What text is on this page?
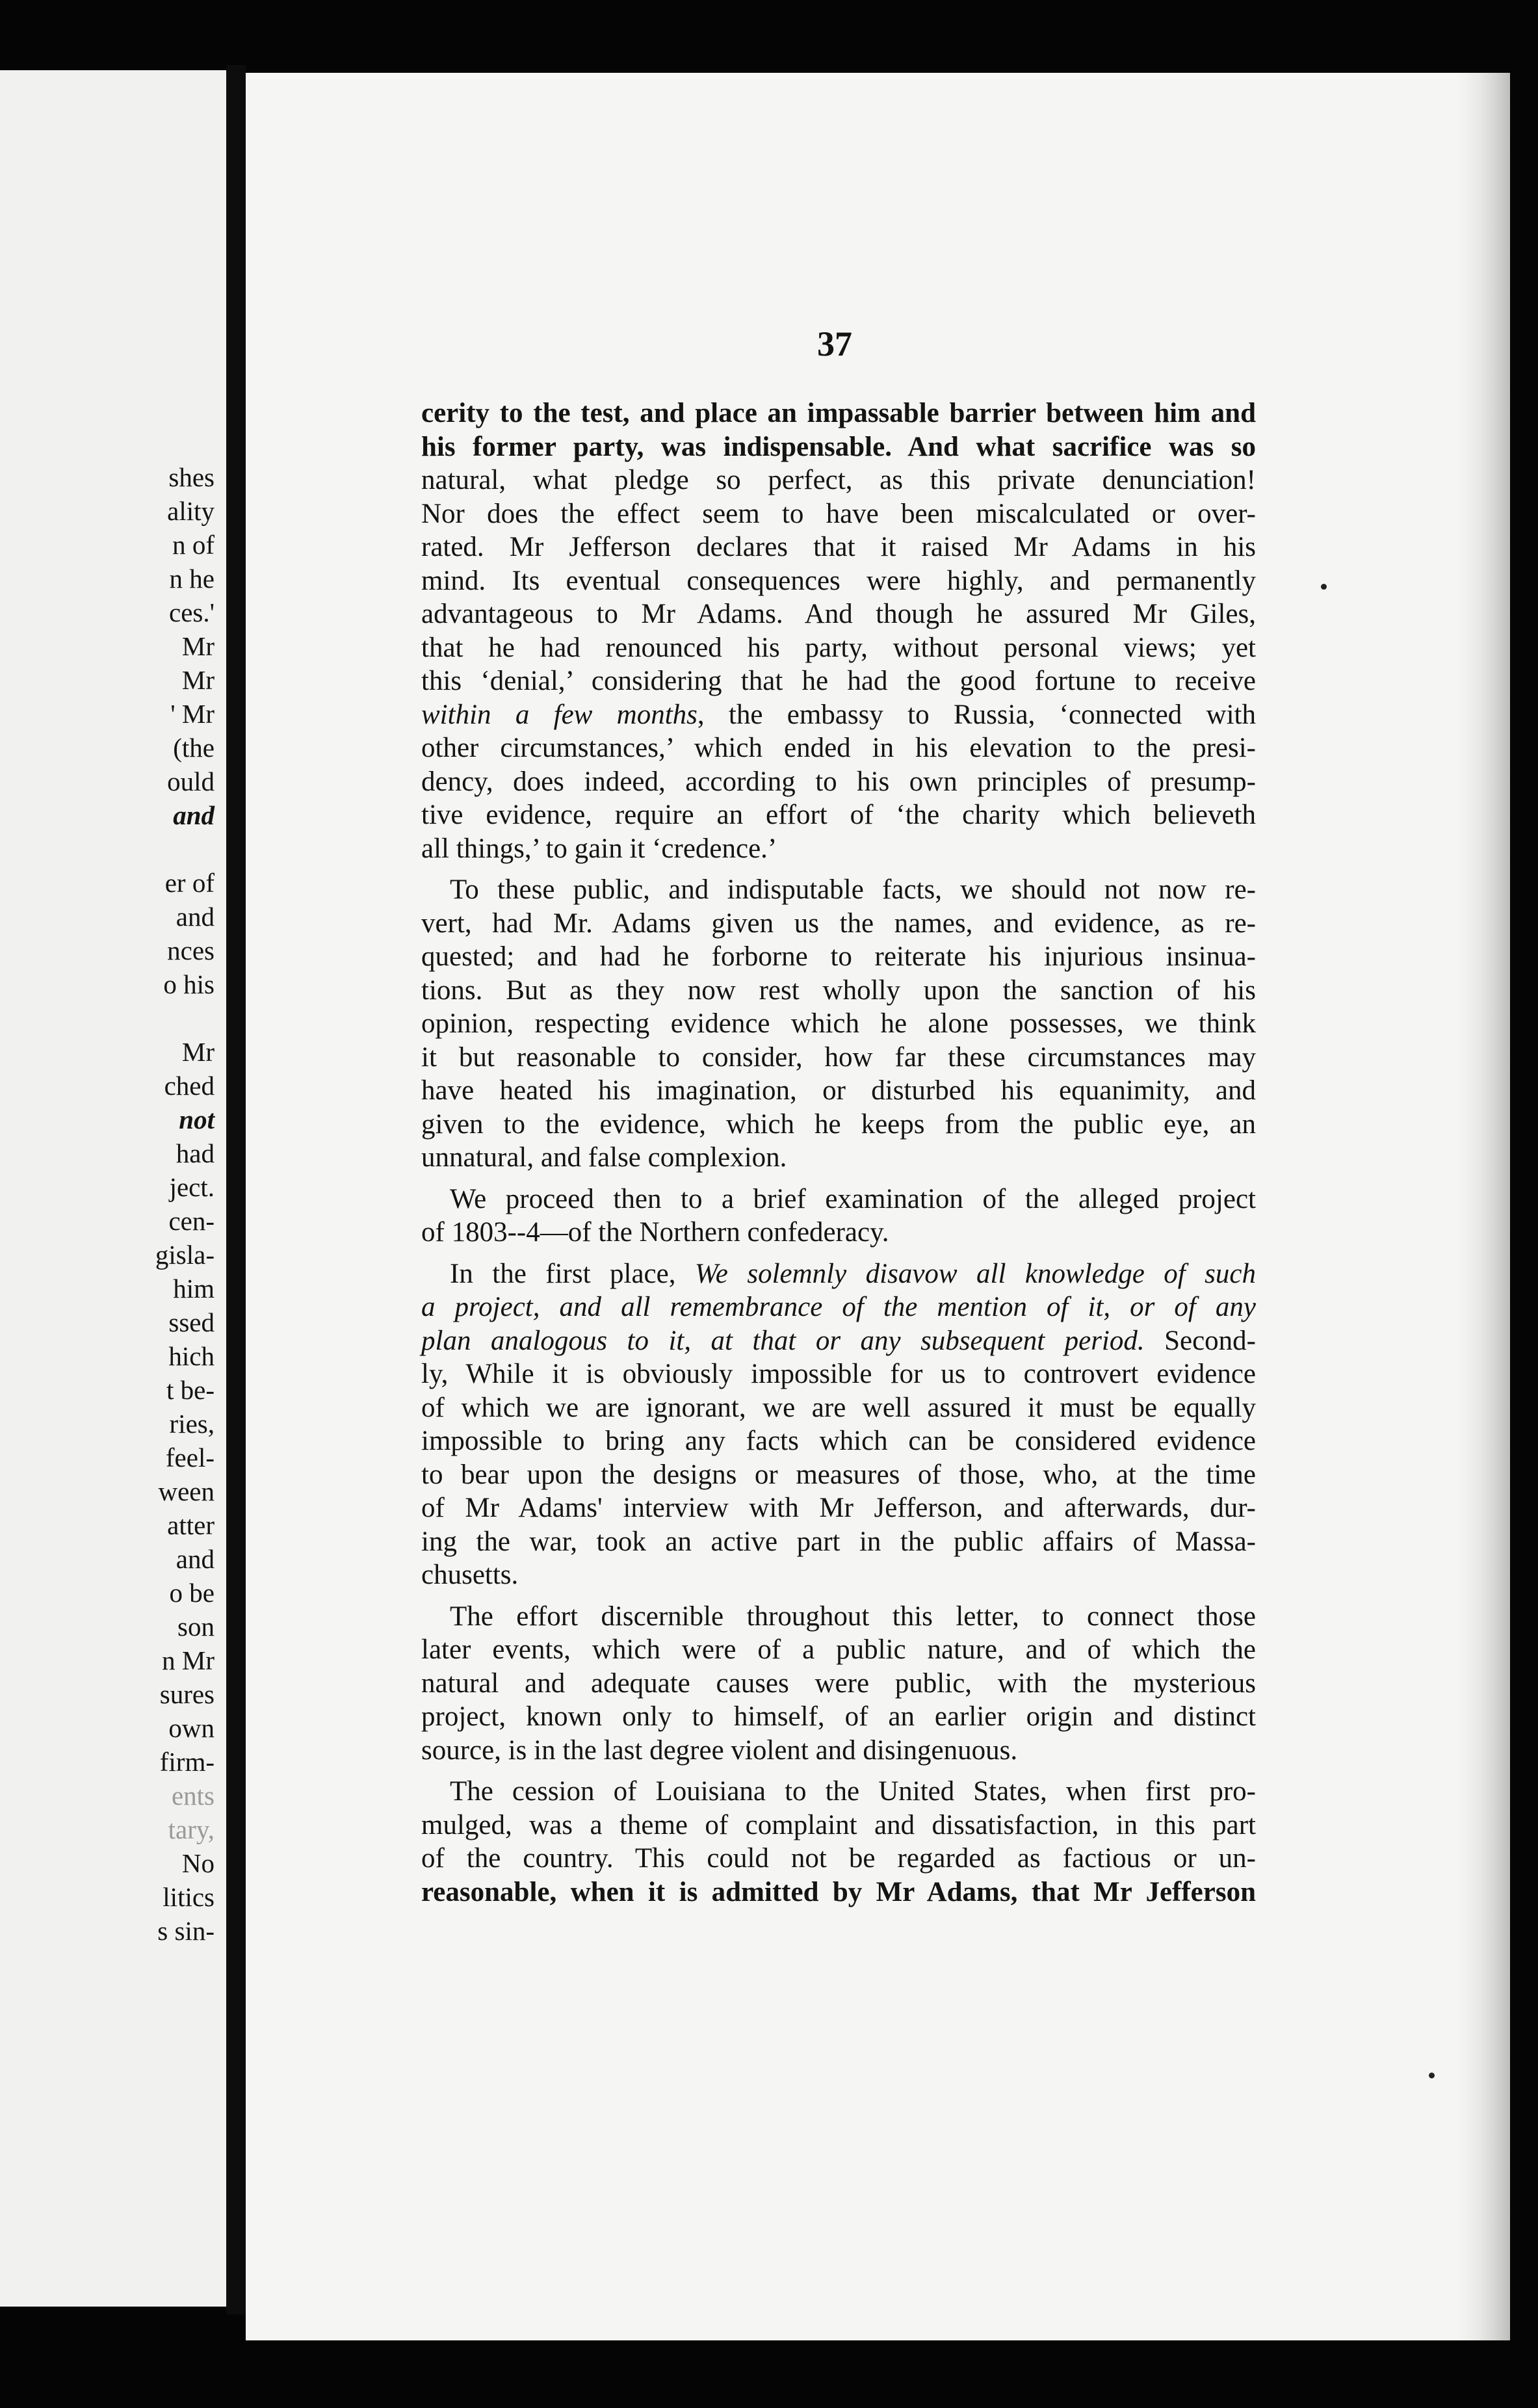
shes
ality
n of
n he
ces.'
Mr
Mr
' Mr
(the
ould
and

er of
and
nces
o his

Mr
ched
not
had
ject.
cen-
gisla-
him
ssed
hich
t be-
ries,
feel-
ween
atter
and
o be
son
n Mr
sures
own
firm-
ents
tary,
No
litics
s sin-
37
cerity to the test, and place an impassable barrier between him and
his former party, was indispensable. And what sacrifice was so
natural, what pledge so perfect, as this private denunciation!
Nor does the effect seem to have been miscalculated or over-
rated. Mr Jefferson declares that it raised Mr Adams in his
mind. Its eventual consequences were highly, and permanently
advantageous to Mr Adams. And though he assured Mr Giles,
that he had renounced his party, without personal views; yet
this ‘denial,’ considering that he had the good fortune to receive
within a few months, the embassy to Russia, ‘connected with
other circumstances,’ which ended in his elevation to the presi-
dency, does indeed, according to his own principles of presump-
tive evidence, require an effort of ‘the charity which believeth
all things,’ to gain it ‘credence.’
To these public, and indisputable facts, we should not now re-
vert, had Mr. Adams given us the names, and evidence, as re-
quested; and had he forborne to reiterate his injurious insinua-
tions. But as they now rest wholly upon the sanction of his
opinion, respecting evidence which he alone possesses, we think
it but reasonable to consider, how far these circumstances may
have heated his imagination, or disturbed his equanimity, and
given to the evidence, which he keeps from the public eye, an
unnatural, and false complexion.
We proceed then to a brief examination of the alleged project
of 1803--4—of the Northern confederacy.
In the first place, We solemnly disavow all knowledge of such
a project, and all remembrance of the mention of it, or of any
plan analogous to it, at that or any subsequent period. Second-
ly, While it is obviously impossible for us to controvert evidence
of which we are ignorant, we are well assured it must be equally
impossible to bring any facts which can be considered evidence
to bear upon the designs or measures of those, who, at the time
of Mr Adams' interview with Mr Jefferson, and afterwards, dur-
ing the war, took an active part in the public affairs of Massa-
chusetts.
The effort discernible throughout this letter, to connect those
later events, which were of a public nature, and of which the
natural and adequate causes were public, with the mysterious
project, known only to himself, of an earlier origin and distinct
source, is in the last degree violent and disingenuous.
The cession of Louisiana to the United States, when first pro-
mulged, was a theme of complaint and dissatisfaction, in this part
of the country. This could not be regarded as factious or un-
reasonable, when it is admitted by Mr Adams, that Mr Jefferson
